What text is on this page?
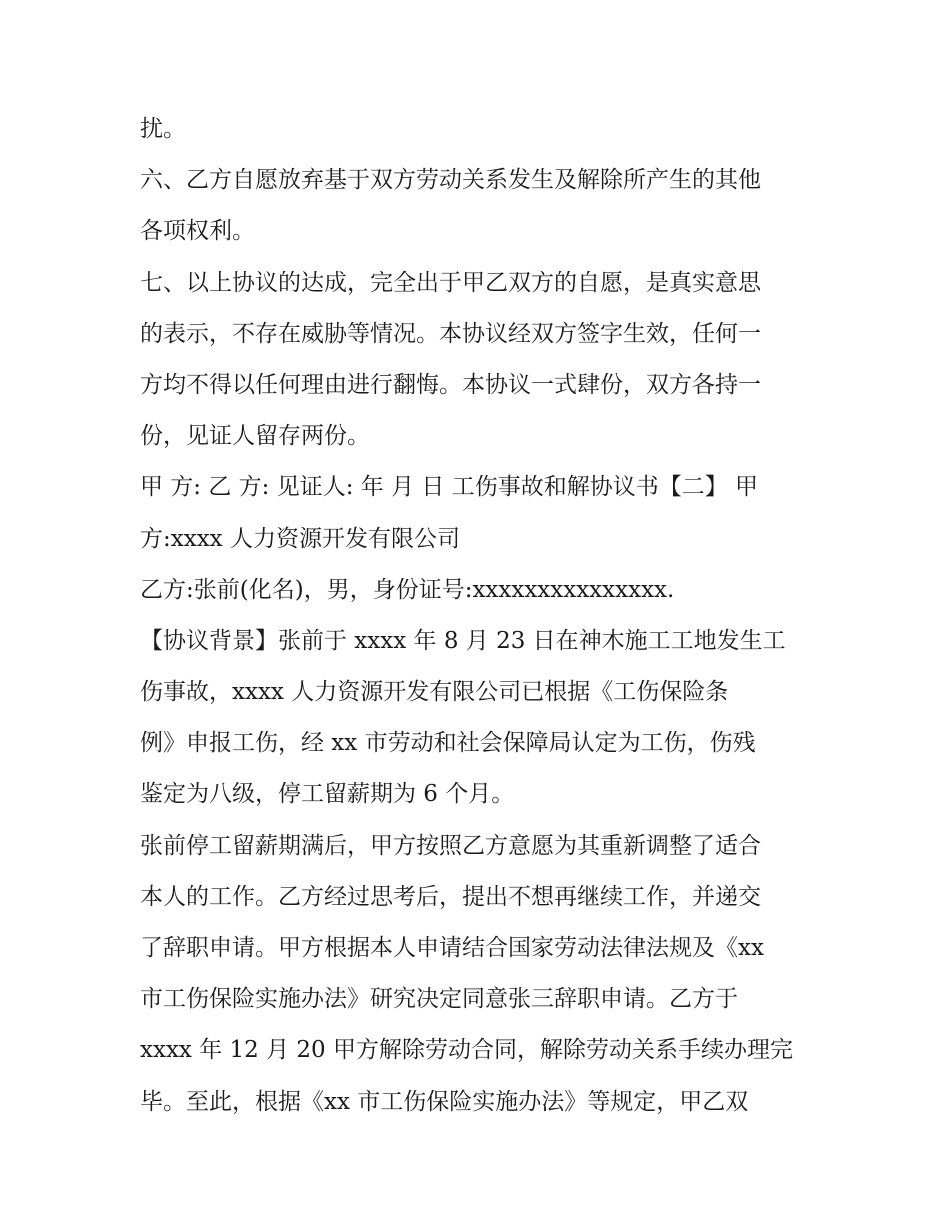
扰。
六、乙方自愿放弃基于双方劳动关系发生及解除所产生的其他
各项权利。
七、以上协议的达成，完全出于甲乙双方的自愿，是真实意思
的表示，不存在威胁等情况。本协议经双方签字生效，任何一
方均不得以任何理由进行翻悔。本协议一式肆份，双方各持一
份，见证人留存两份。
甲 方: 乙 方: 见证人: 年 月 日 工伤事故和解协议书【二】 甲
方:xxxx 人力资源开发有限公司
乙方:张前(化名)，男，身份证号:xxxxxxxxxxxxxxx.
【协议背景】张前于 xxxx 年 8 月 23 日在神木施工工地发生工
伤事故，xxxx 人力资源开发有限公司已根据《工伤保险条
例》申报工伤，经 xx 市劳动和社会保障局认定为工伤，伤残
鉴定为八级，停工留薪期为 6 个月。
张前停工留薪期满后，甲方按照乙方意愿为其重新调整了适合
本人的工作。乙方经过思考后，提出不想再继续工作，并递交
了辞职申请。甲方根据本人申请结合国家劳动法律法规及《xx
市工伤保险实施办法》研究决定同意张三辞职申请。乙方于
xxxx 年 12 月 20 甲方解除劳动合同，解除劳动关系手续办理完
毕。至此，根据《xx 市工伤保险实施办法》等规定，甲乙双
